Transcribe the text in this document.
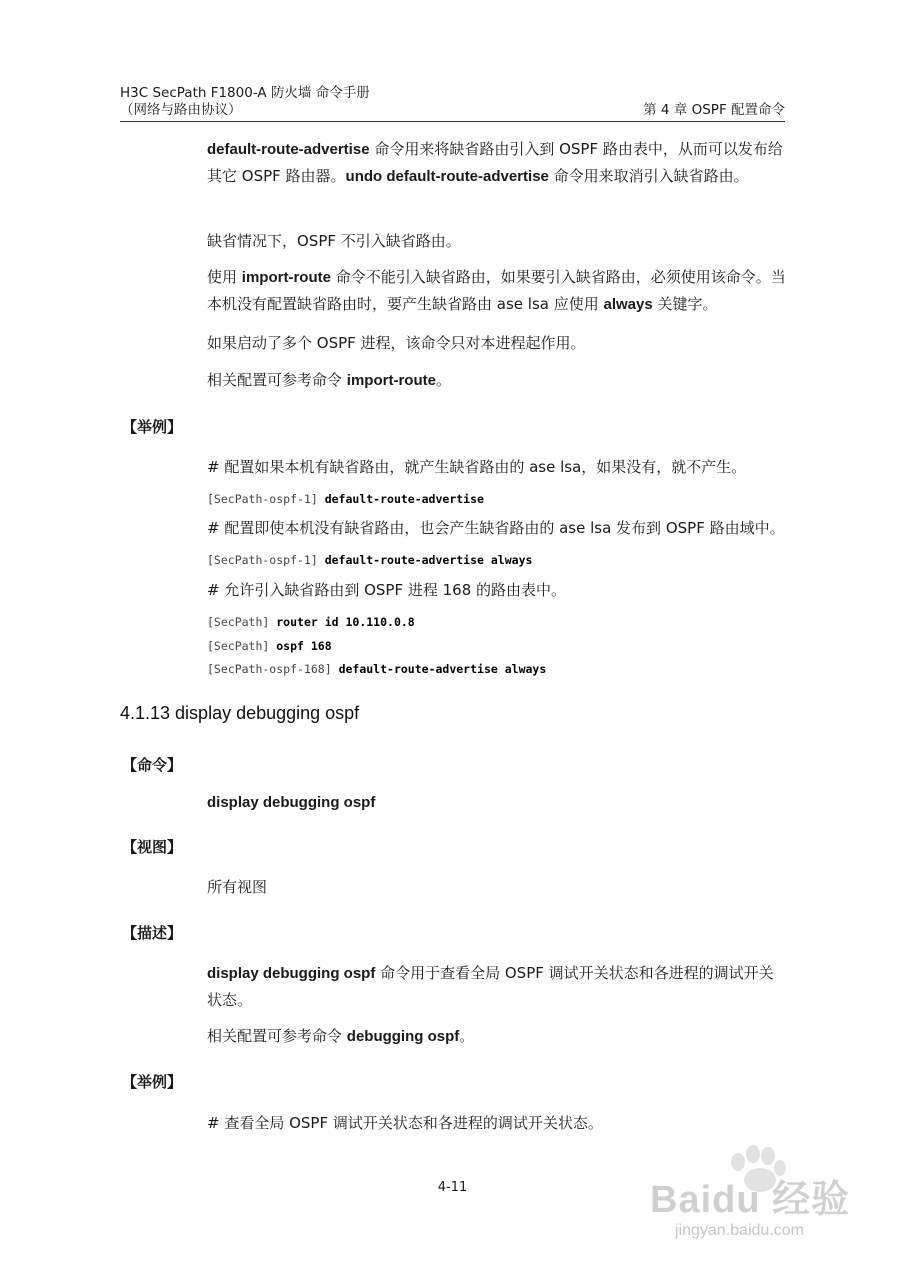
H3C SecPath F1800-A 防火墙 命令手册
（网络与路由协议）	第 4 章 OSPF 配置命令
default-route-advertise 命令用来将缺省路由引入到 OSPF 路由表中，从而可以发布给其它 OSPF 路由器。undo default-route-advertise 命令用来取消引入缺省路由。
缺省情况下，OSPF 不引入缺省路由。
使用 import-route 命令不能引入缺省路由，如果要引入缺省路由，必须使用该命令。当本机没有配置缺省路由时，要产生缺省路由 ase lsa 应使用 always 关键字。
如果启动了多个 OSPF 进程，该命令只对本进程起作用。
相关配置可参考命令 import-route。
【举例】
# 配置如果本机有缺省路由，就产生缺省路由的 ase lsa，如果没有，就不产生。
[SecPath-ospf-1] default-route-advertise
# 配置即使本机没有缺省路由，也会产生缺省路由的 ase lsa 发布到 OSPF 路由域中。
[SecPath-ospf-1] default-route-advertise always
# 允许引入缺省路由到 OSPF 进程 168 的路由表中。
[SecPath] router id 10.110.0.8
[SecPath] ospf 168
[SecPath-ospf-168] default-route-advertise always
4.1.13 display debugging ospf
【命令】
display debugging ospf
【视图】
所有视图
【描述】
display debugging ospf 命令用于查看全局 OSPF 调试开关状态和各进程的调试开关状态。
相关配置可参考命令 debugging ospf。
【举例】
# 查看全局 OSPF 调试开关状态和各进程的调试开关状态。
4-11	Baidu 经验
jingyan.baidu.com
